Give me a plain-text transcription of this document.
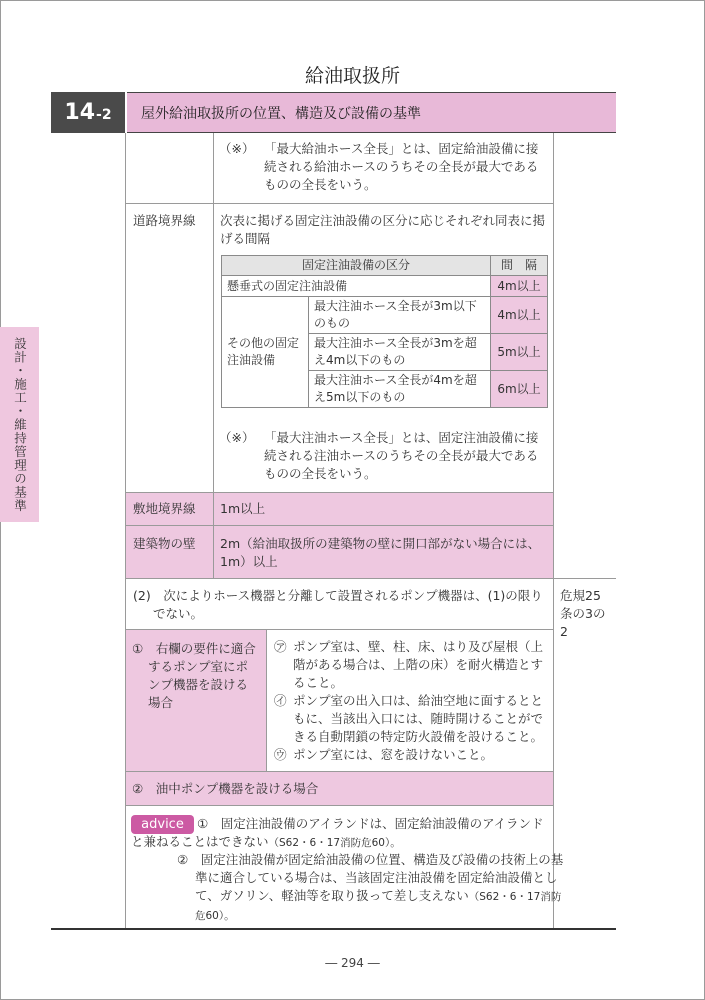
給油取扱所
14 -2	屋外給油取扱所の位置、構造及び設備の基準
設計・施工・維持管理の基準
（※） 「最大給油ホース全長」とは、固定給油設備に接続される給油ホースのうちその全長が最大であるものの全長をいう。
道路境界線 次表に掲げる固定注油設備の区分に応じそれぞれ同表に掲げる間隔
固定注油設備の区分		間　隔
懸垂式の固定注油設備		4m以上
その他の固定注油設備	最大注油ホース全長が3m以下のもの	4m以上
	最大注油ホース全長が3mを超え4m以下のもの	5m以上
	最大注油ホース全長が4mを超え5m以下のもの	6m以上
（※） 「最大注油ホース全長」とは、固定注油設備に接続される注油ホースのうちその全長が最大であるものの全長をいう。
敷地境界線 1m以上
建築物の壁 2m（給油取扱所の建築物の壁に開口部がない場合には、1m）以上
(2)　次によりホース機器と分離して設置されるポンプ機器は、(1)の限りでない。
危規25条の3の2
①　右欄の要件に適合するポンプ室にポンプ機器を設ける場合
㋐ ポンプ室は、壁、柱、床、はり及び屋根（上階がある場合は、上階の床）を耐火構造とすること。
㋑ ポンプ室の出入口は、給油空地に面するとともに、当該出入口には、随時開けることができる自動閉鎖の特定防火設備を設けること。
㋒ ポンプ室には、窓を設けないこと。
②　油中ポンプ機器を設ける場合
advice	①　 固定注油設備のアイランドは、固定給油設備のアイランドと兼ねることはできない（S62・6・17消防危60）。
②　 固定注油設備が固定給油設備の位置、構造及び設備の技術上の基準に適合している場合は、当該固定注油設備を固定給油設備として、ガソリン、軽油等を取り扱って差し支えない（S62・6・17消防危60）。
― 294 ―
